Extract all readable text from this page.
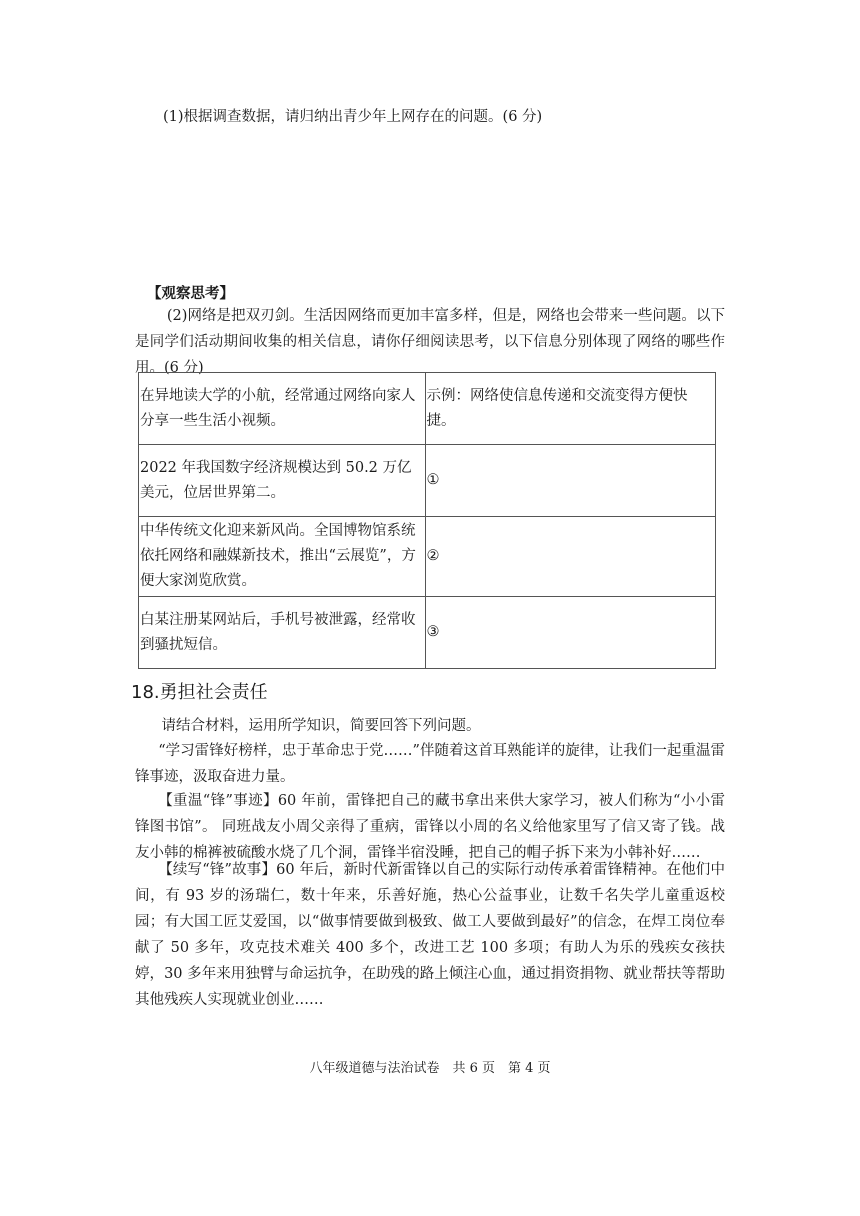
(1)根据调查数据，请归纳出青少年上网存在的问题。(6 分)
【观察思考】
(2)网络是把双刃剑。生活因网络而更加丰富多样，但是，网络也会带来一些问题。以下是同学们活动期间收集的相关信息，请你仔细阅读思考，以下信息分别体现了网络的哪些作用。(6 分)
在异地读大学的小航，经常通过网络向家人分享一些生活小视频。	示例：网络使信息传递和交流变得方便快捷。
2022 年我国数字经济规模达到 50.2 万亿美元，位居世界第二。	①
中华传统文化迎来新风尚。全国博物馆系统依托网络和融媒新技术，推出“云展览”，方便大家浏览欣赏。	②
白某注册某网站后，手机号被泄露，经常收到骚扰短信。	③
18.勇担社会责任
请结合材料，运用所学知识，简要回答下列问题。
“学习雷锋好榜样，忠于革命忠于党……”伴随着这首耳熟能详的旋律，让我们一起重温雷锋事迹，汲取奋进力量。
【重温“锋”事迹】60 年前，雷锋把自己的藏书拿出来供大家学习，被人们称为“小小雷锋图书馆”。 同班战友小周父亲得了重病，雷锋以小周的名义给他家里写了信又寄了钱。战友小韩的棉裤被硫酸水烧了几个洞，雷锋半宿没睡，把自己的帽子拆下来为小韩补好……
【续写“锋”故事】60 年后，新时代新雷锋以自己的实际行动传承着雷锋精神。在他们中间，有 93 岁的汤瑞仁，数十年来，乐善好施，热心公益事业，让数千名失学儿童重返校园；有大国工匠艾爱国，以“做事情要做到极致、做工人要做到最好”的信念，在焊工岗位奉献了 50 多年，攻克技术难关 400 多个，改进工艺 100 多项；有助人为乐的残疾女孩扶婷，30 多年来用独臂与命运抗争，在助残的路上倾注心血，通过捐资捐物、就业帮扶等帮助其他残疾人实现就业创业……
八年级道德与法治试卷　共 6 页　第 4 页
